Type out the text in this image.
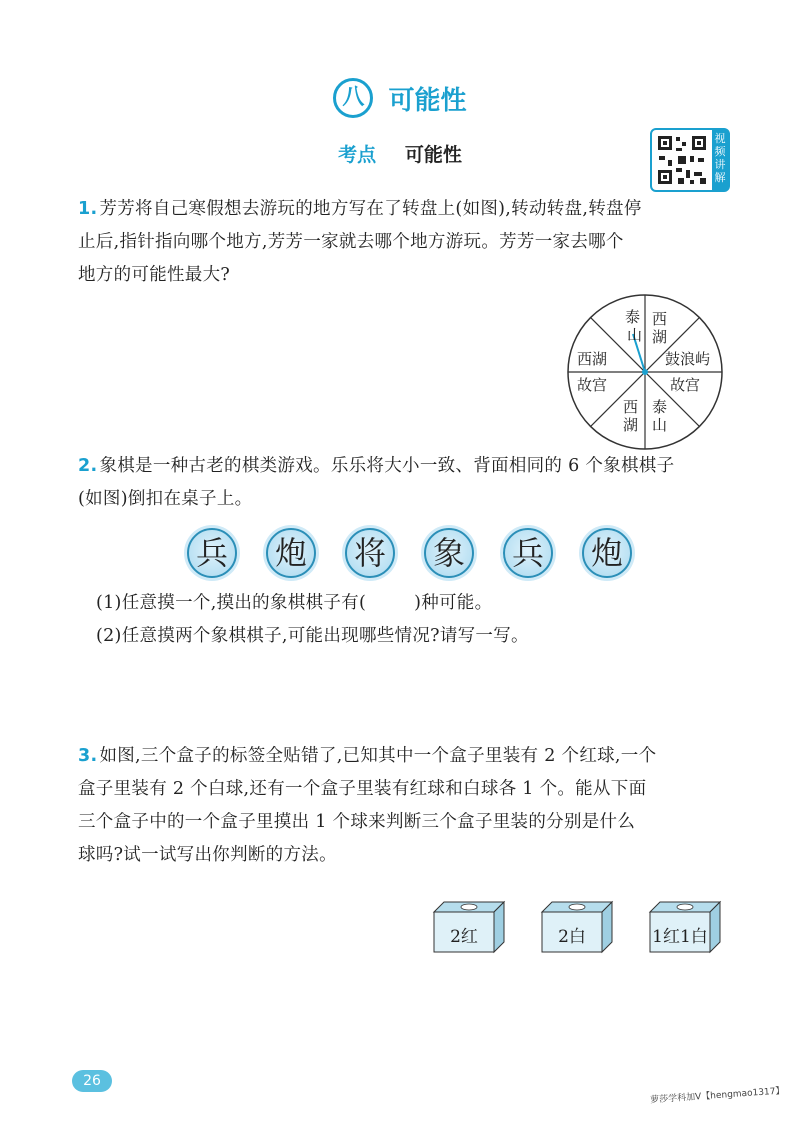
八 可能性
考点 可能性
视频讲解
1. 芳芳将自己寒假想去游玩的地方写在了转盘上(如图),转动转盘,转盘停
止后,指针指向哪个地方,芳芳一家就去哪个地方游玩。芳芳一家去哪个
地方的可能性最大?
泰山
西湖
鼓浪屿
故宫
泰山
西湖
故宫
西湖
2. 象棋是一种古老的棋类游戏。乐乐将大小一致、背面相同的 6 个象棋棋子
(如图)倒扣在桌子上。
兵 炮 将 象 兵 炮
(1)任意摸一个,摸出的象棋棋子有(	)种可能。
(2)任意摸两个象棋棋子,可能出现哪些情况?请写一写。
3. 如图,三个盒子的标签全贴错了,已知其中一个盒子里装有 2 个红球,一个
盒子里装有 2 个白球,还有一个盒子里装有红球和白球各 1 个。能从下面
三个盒子中的一个盒子里摸出 1 个球来判断三个盒子里装的分别是什么
球吗?试一试写出你判断的方法。
2红	2白	1红1白
26
萝莎学科加V【hengmao1317】
